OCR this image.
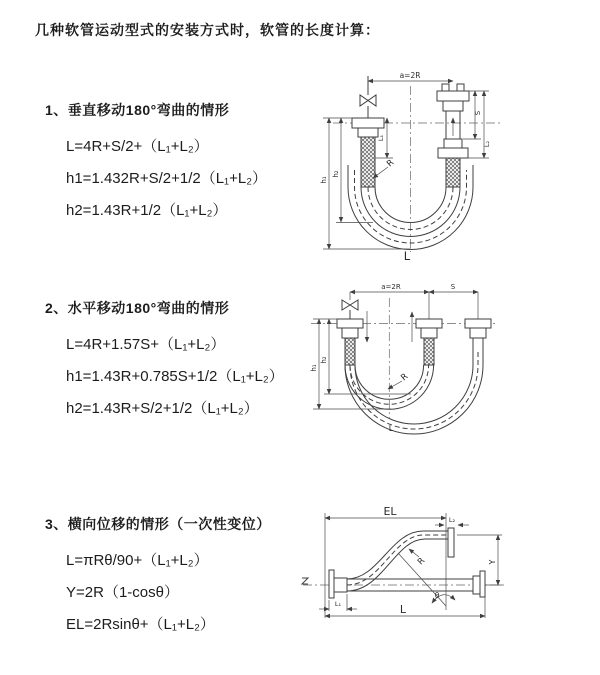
几种软管运动型式的安装方式时，软管的长度计算：
1、垂直移动180°弯曲的情形
L=4R+S/2+（L₁+L₂）
h1=1.432R+S/2+1/2（L₁+L₂）
h2=1.43R+1/2（L₁+L₂）
a=2R
h₁
h₂
L₁
S
L₂
R
L
2、水平移动180°弯曲的情形
L=4R+1.57S+（L₁+L₂）
h1=1.43R+0.785S+1/2（L₁+L₂）
h2=1.43R+S/2+1/2（L₁+L₂）
a=2R	S
h₁
h₂
R
L
3、横向位移的情形（一次性变位）
L=πRθ/90+（L₁+L₂）
Y=2R（1-cosθ）
EL=2Rsinθ+（L₁+L₂）
θ
EL
L₂
Y
L₁	L
R
